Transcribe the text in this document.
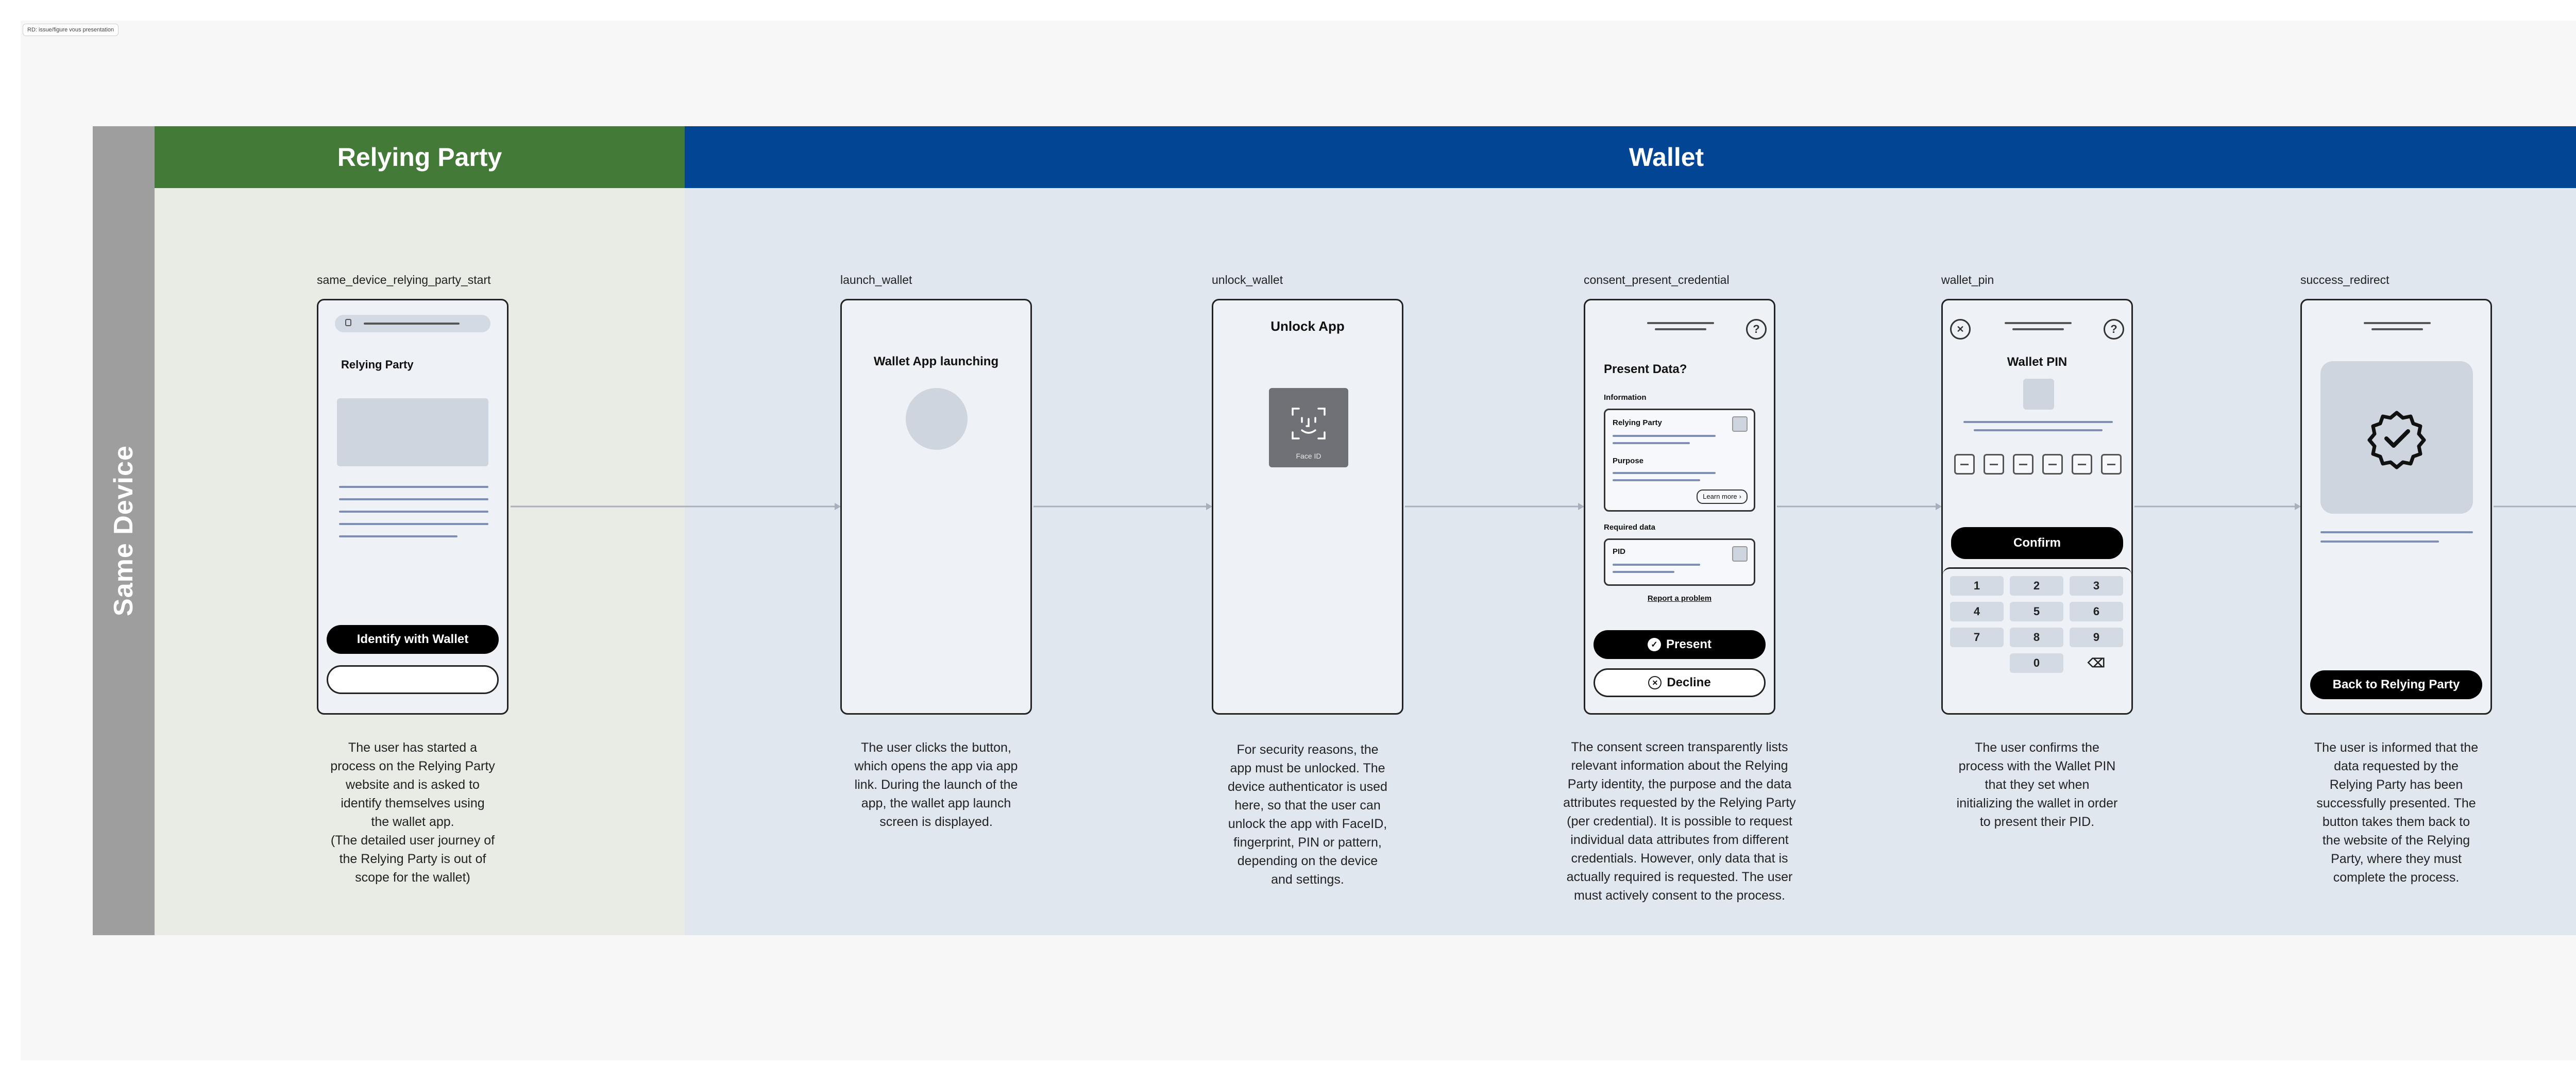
RD: issue/figure vous presentation
Same Device
Relying Party	Wallet
same_device_relying_party_start	launch_wallet	unlock_wallet	consent_present_credential	wallet_pin	success_redirect
Relying Party
Identify with Wallet
Wallet App launching
Unlock App
Face ID
?
Present Data?
Information
Relying Party
Purpose
Learn more ›
Required data
PID
Report a problem
✓ Present
✕ Decline
✕	?
Wallet PIN
Confirm
1	2	3
4	5	6
7	8	9
0	⌫
Back to Relying Party
The user has started a
process on the Relying Party
website and is asked to
identify themselves using
the wallet app.
(The detailed user journey of
the Relying Party is out of
scope for the wallet)
The user clicks the button,
which opens the app via app
link. During the launch of the
app, the wallet app launch
screen is displayed.
For security reasons, the
app must be unlocked. The
device authenticator is used
here, so that the user can
unlock the app with FaceID,
fingerprint, PIN or pattern,
depending on the device
and settings.
The consent screen transparently lists
relevant information about the Relying
Party identity, the purpose and the data
attributes requested by the Relying Party
(per credential). It is possible to request
individual data attributes from different
credentials. However, only data that is
actually required is requested. The user
must actively consent to the process.
The user confirms the
process with the Wallet PIN
that they set when
initializing the wallet in order
to present their PID.
The user is informed that the
data requested by the
Relying Party has been
successfully presented. The
button takes them back to
the website of the Relying
Party, where they must
complete the process.
